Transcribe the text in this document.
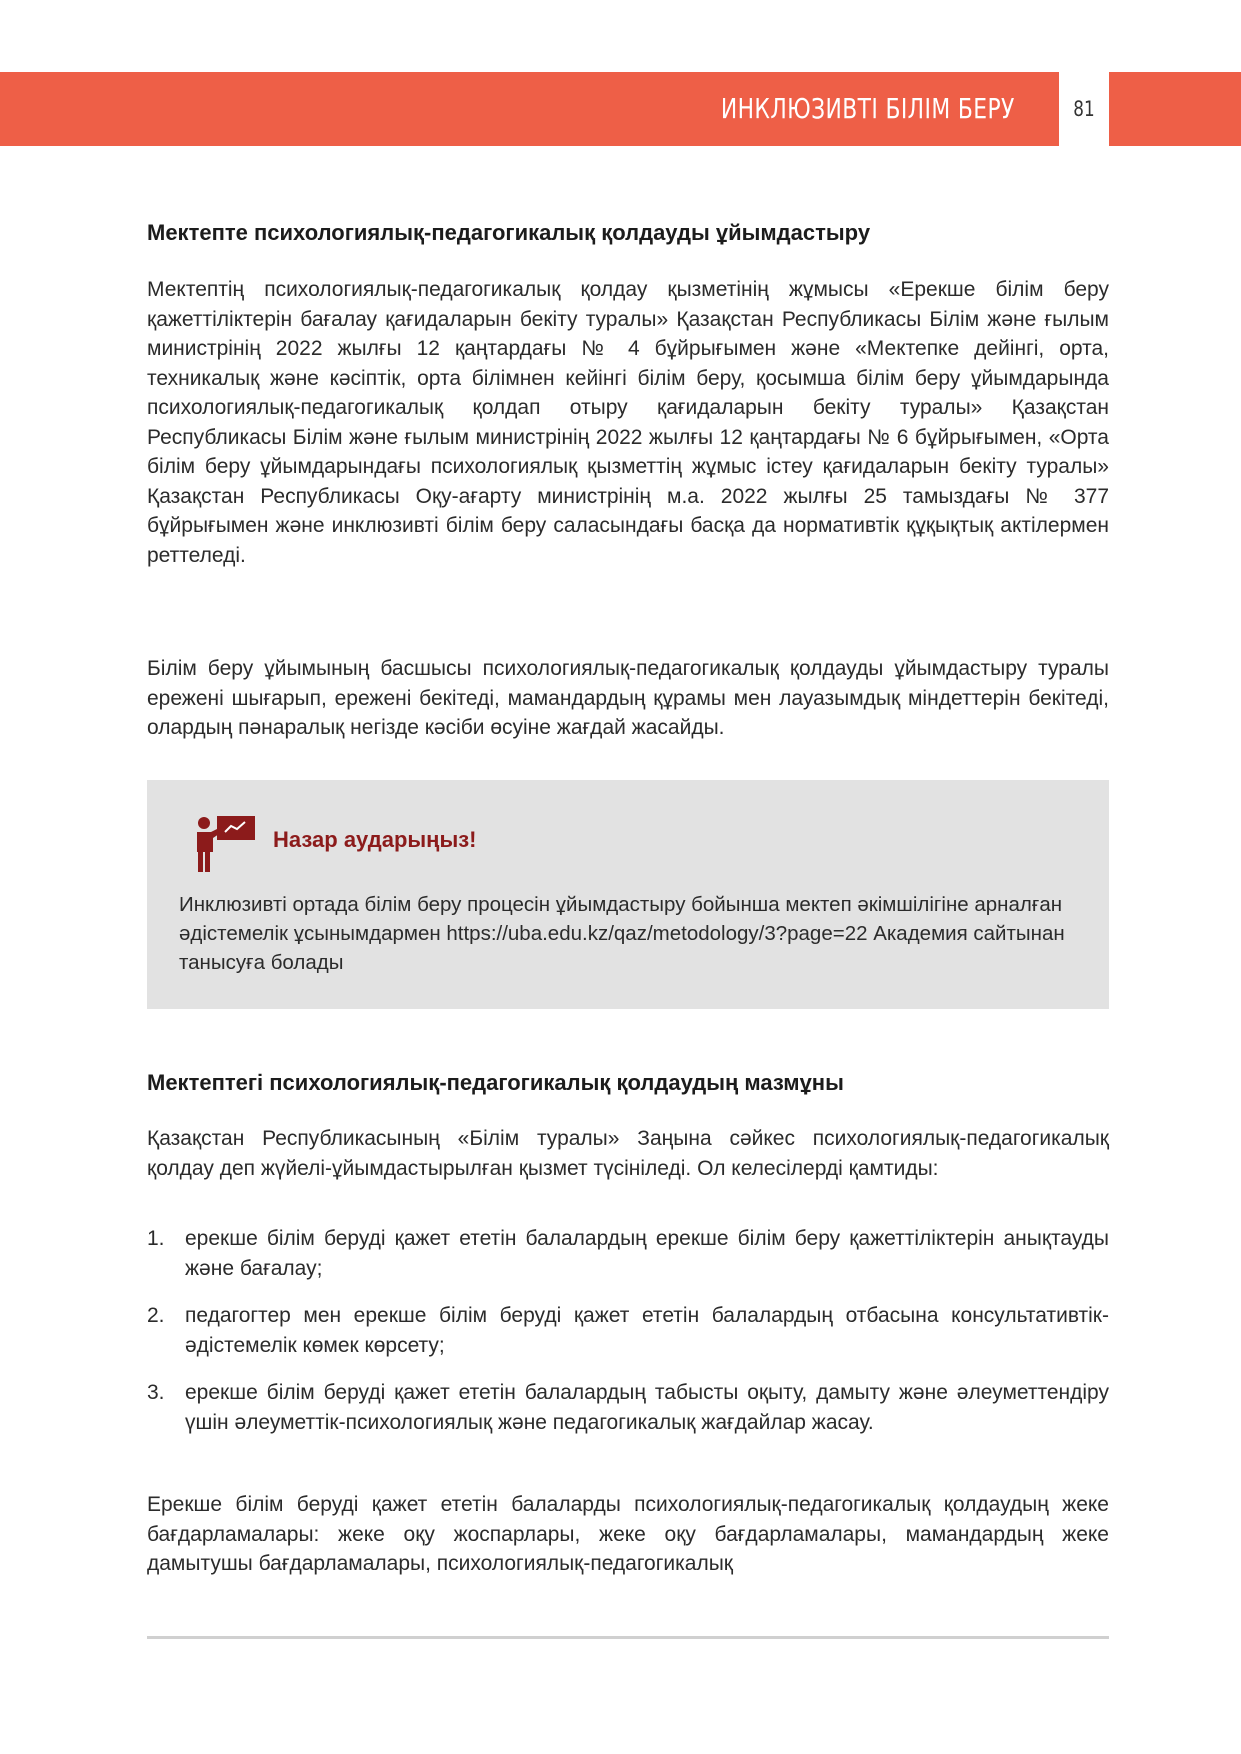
ИНКЛЮЗИВТІ БІЛІМ БЕРУ	81
Мектепте психологиялық-педагогикалық қолдауды ұйымдастыру

Мектептің психологиялық-педагогикалық қолдау қызметінің жұмысы «Ерекше білім беру қажеттіліктерін бағалау қағидаларын бекіту туралы» Қазақстан Республикасы Білім және ғылым министрінің 2022 жылғы 12 қаңтардағы № 4 бұйрығымен және «Мектепке дейінгі, орта, техникалық және кәсіптік, орта білімнен кейінгі білім беру, қосымша білім беру ұйымдарында психологиялық-педагогикалық қолдап отыру қағидаларын бекіту туралы» Қазақстан Республикасы Білім және ғылым министрінің 2022 жылғы 12 қаңтардағы № 6 бұйрығымен, «Орта білім беру ұйымдарындағы психологиялық қызметтің жұмыс істеу қағидаларын бекіту туралы» Қазақстан Республикасы Оқу-ағарту министрінің м.а. 2022 жылғы 25 тамыздағы № 377 бұйрығымен және инклюзивті білім беру саласындағы басқа да нормативтік құқықтық актілермен реттеледі.

Білім беру ұйымының басшысы психологиялық-педагогикалық қолдауды ұйымдастыру туралы ережені шығарып, ережені бекітеді, мамандардың құрамы мен лауазымдық міндеттерін бекітеді, олардың пәнаралық негізде кәсіби өсуіне жағдай жасайды.

Назар аударыңыз!
Инклюзивті ортада білім беру процесін ұйымдастыру бойынша мектеп әкімшілігіне арналған әдістемелік ұсынымдармен https://uba.edu.kz/qaz/metodology/3?page=22 Академия сайтынан танысуға болады
Мектептегі психологиялық-педагогикалық қолдаудың мазмұны

Қазақстан Республикасының «Білім туралы» Заңына сәйкес психологиялық-педагогикалық қолдау деп жүйелі-ұйымдастырылған қызмет түсініледі. Ол келесілерді қамтиды:

1. ерекше білім беруді қажет ететін балалардың ерекше білім беру қажеттіліктерін анықтауды және бағалау;
2. педагогтер мен ерекше білім беруді қажет ететін балалардың отбасына консультативтік-әдістемелік көмек көрсету;
3. ерекше білім беруді қажет ететін балалардың табысты оқыту, дамыту және әлеуметтендіру үшін әлеуметтік-психологиялық және педагогикалық жағдайлар жасау.

Ерекше білім беруді қажет ететін балаларды психологиялық-педагогикалық қолдаудың жеке бағдарламалары: жеке оқу жоспарлары, жеке оқу бағдарламалары, мамандардың жеке дамытушы бағдарламалары, психологиялық-педагогикалық
